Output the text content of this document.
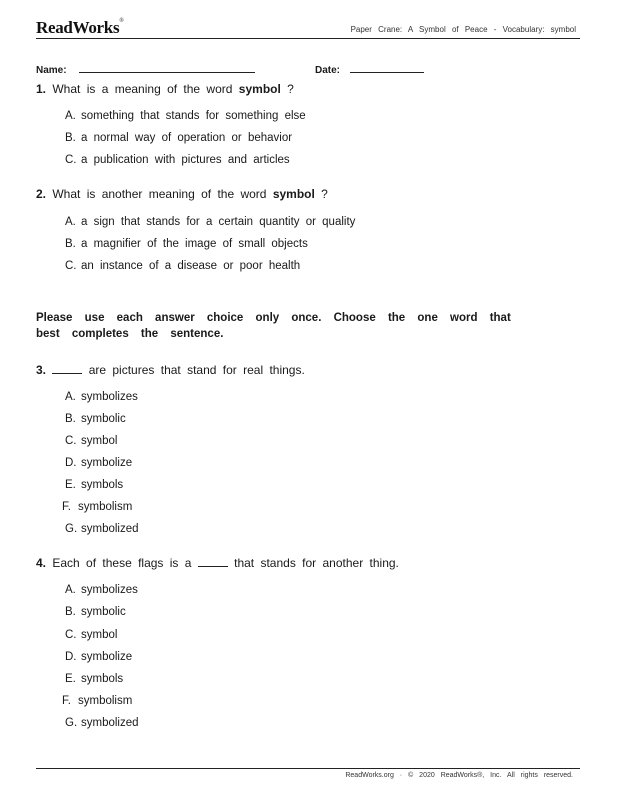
ReadWorks®
Paper Crane: A Symbol of Peace - Vocabulary: symbol
Name:	Date:
1. What is a meaning of the word symbol ?
A. something that stands for something else
B. a normal way of operation or behavior
C. a publication with pictures and articles
2. What is another meaning of the word symbol ?
A. a sign that stands for a certain quantity or quality
B. a magnifier of the image of small objects
C. an instance of a disease or poor health
Please use each answer choice only once. Choose the one word that best completes the sentence.
3.	are pictures that stand for real things.
A. symbolizes
B. symbolic
C. symbol
D. symbolize
E. symbols
F. symbolism
G. symbolized
4. Each of these flags is a	that stands for another thing.
A. symbolizes
B. symbolic
C. symbol
D. symbolize
E. symbols
F. symbolism
G. symbolized
ReadWorks.org · © 2020 ReadWorks®, Inc. All rights reserved.
